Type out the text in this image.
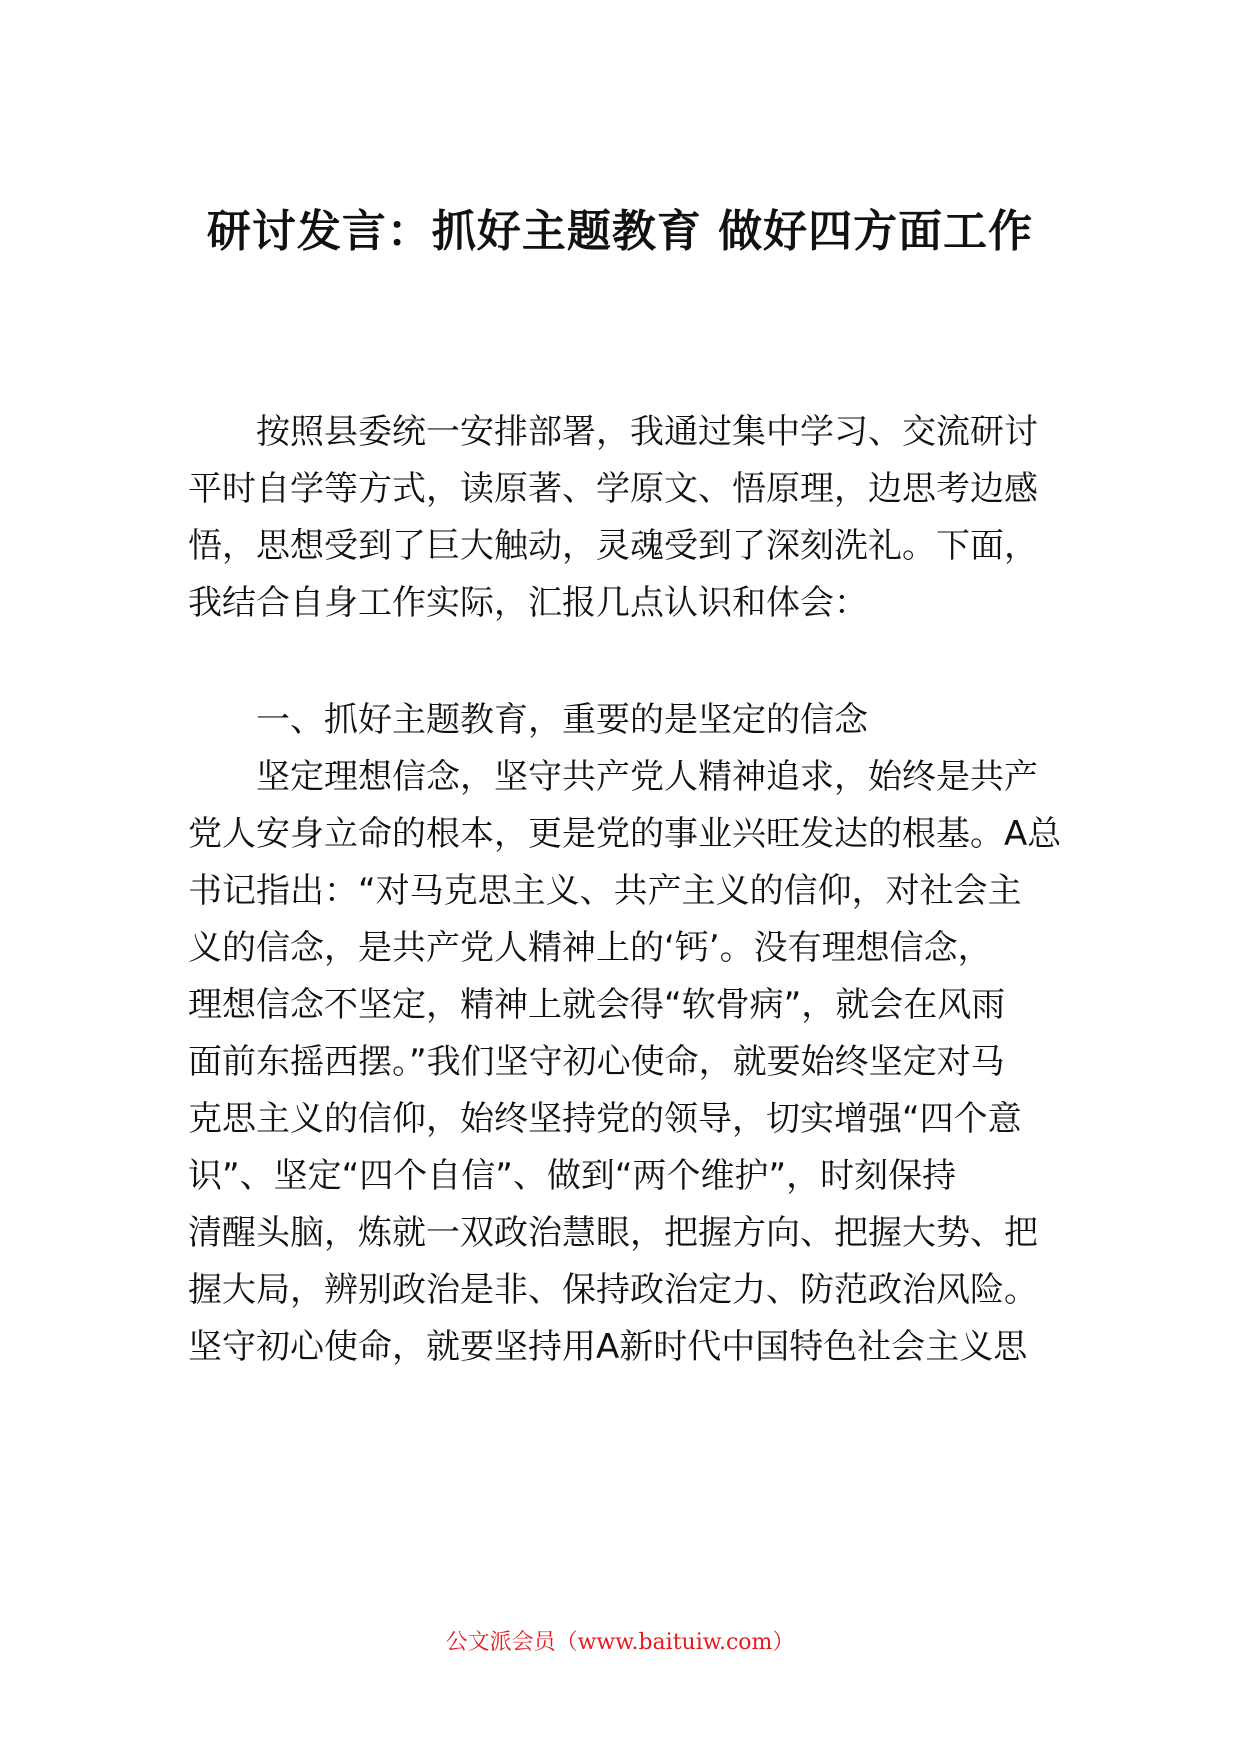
研讨发言：抓好主题教育 做好四方面工作

按照县委统一安排部署，我通过集中学习、交流研讨

平时自学等方式，读原著、学原文、悟原理，边思考边感

悟，思想受到了巨大触动，灵魂受到了深刻洗礼。下面，

我结合自身工作实际，汇报几点认识和体会：

一、抓好主题教育，重要的是坚定的信念

坚定理想信念，坚守共产党人精神追求，始终是共产

党人安身立命的根本，更是党的事业兴旺发达的根基。A总

书记指出：“对马克思主义、共产主义的信仰，对社会主

义的信念，是共产党人精神上的‘钙’。没有理想信念，

理想信念不坚定，精神上就会得“软骨病”，就会在风雨

面前东摇西摆。”我们坚守初心使命，就要始终坚定对马

克思主义的信仰，始终坚持党的领导，切实增强“四个意

识”、坚定“四个自信”、做到“两个维护”，时刻保持

清醒头脑，炼就一双政治慧眼，把握方向、把握大势、把

握大局，辨别政治是非、保持政治定力、防范政治风险。

坚守初心使命，就要坚持用A新时代中国特色社会主义思

公文派会员（www.baituiw.com）
